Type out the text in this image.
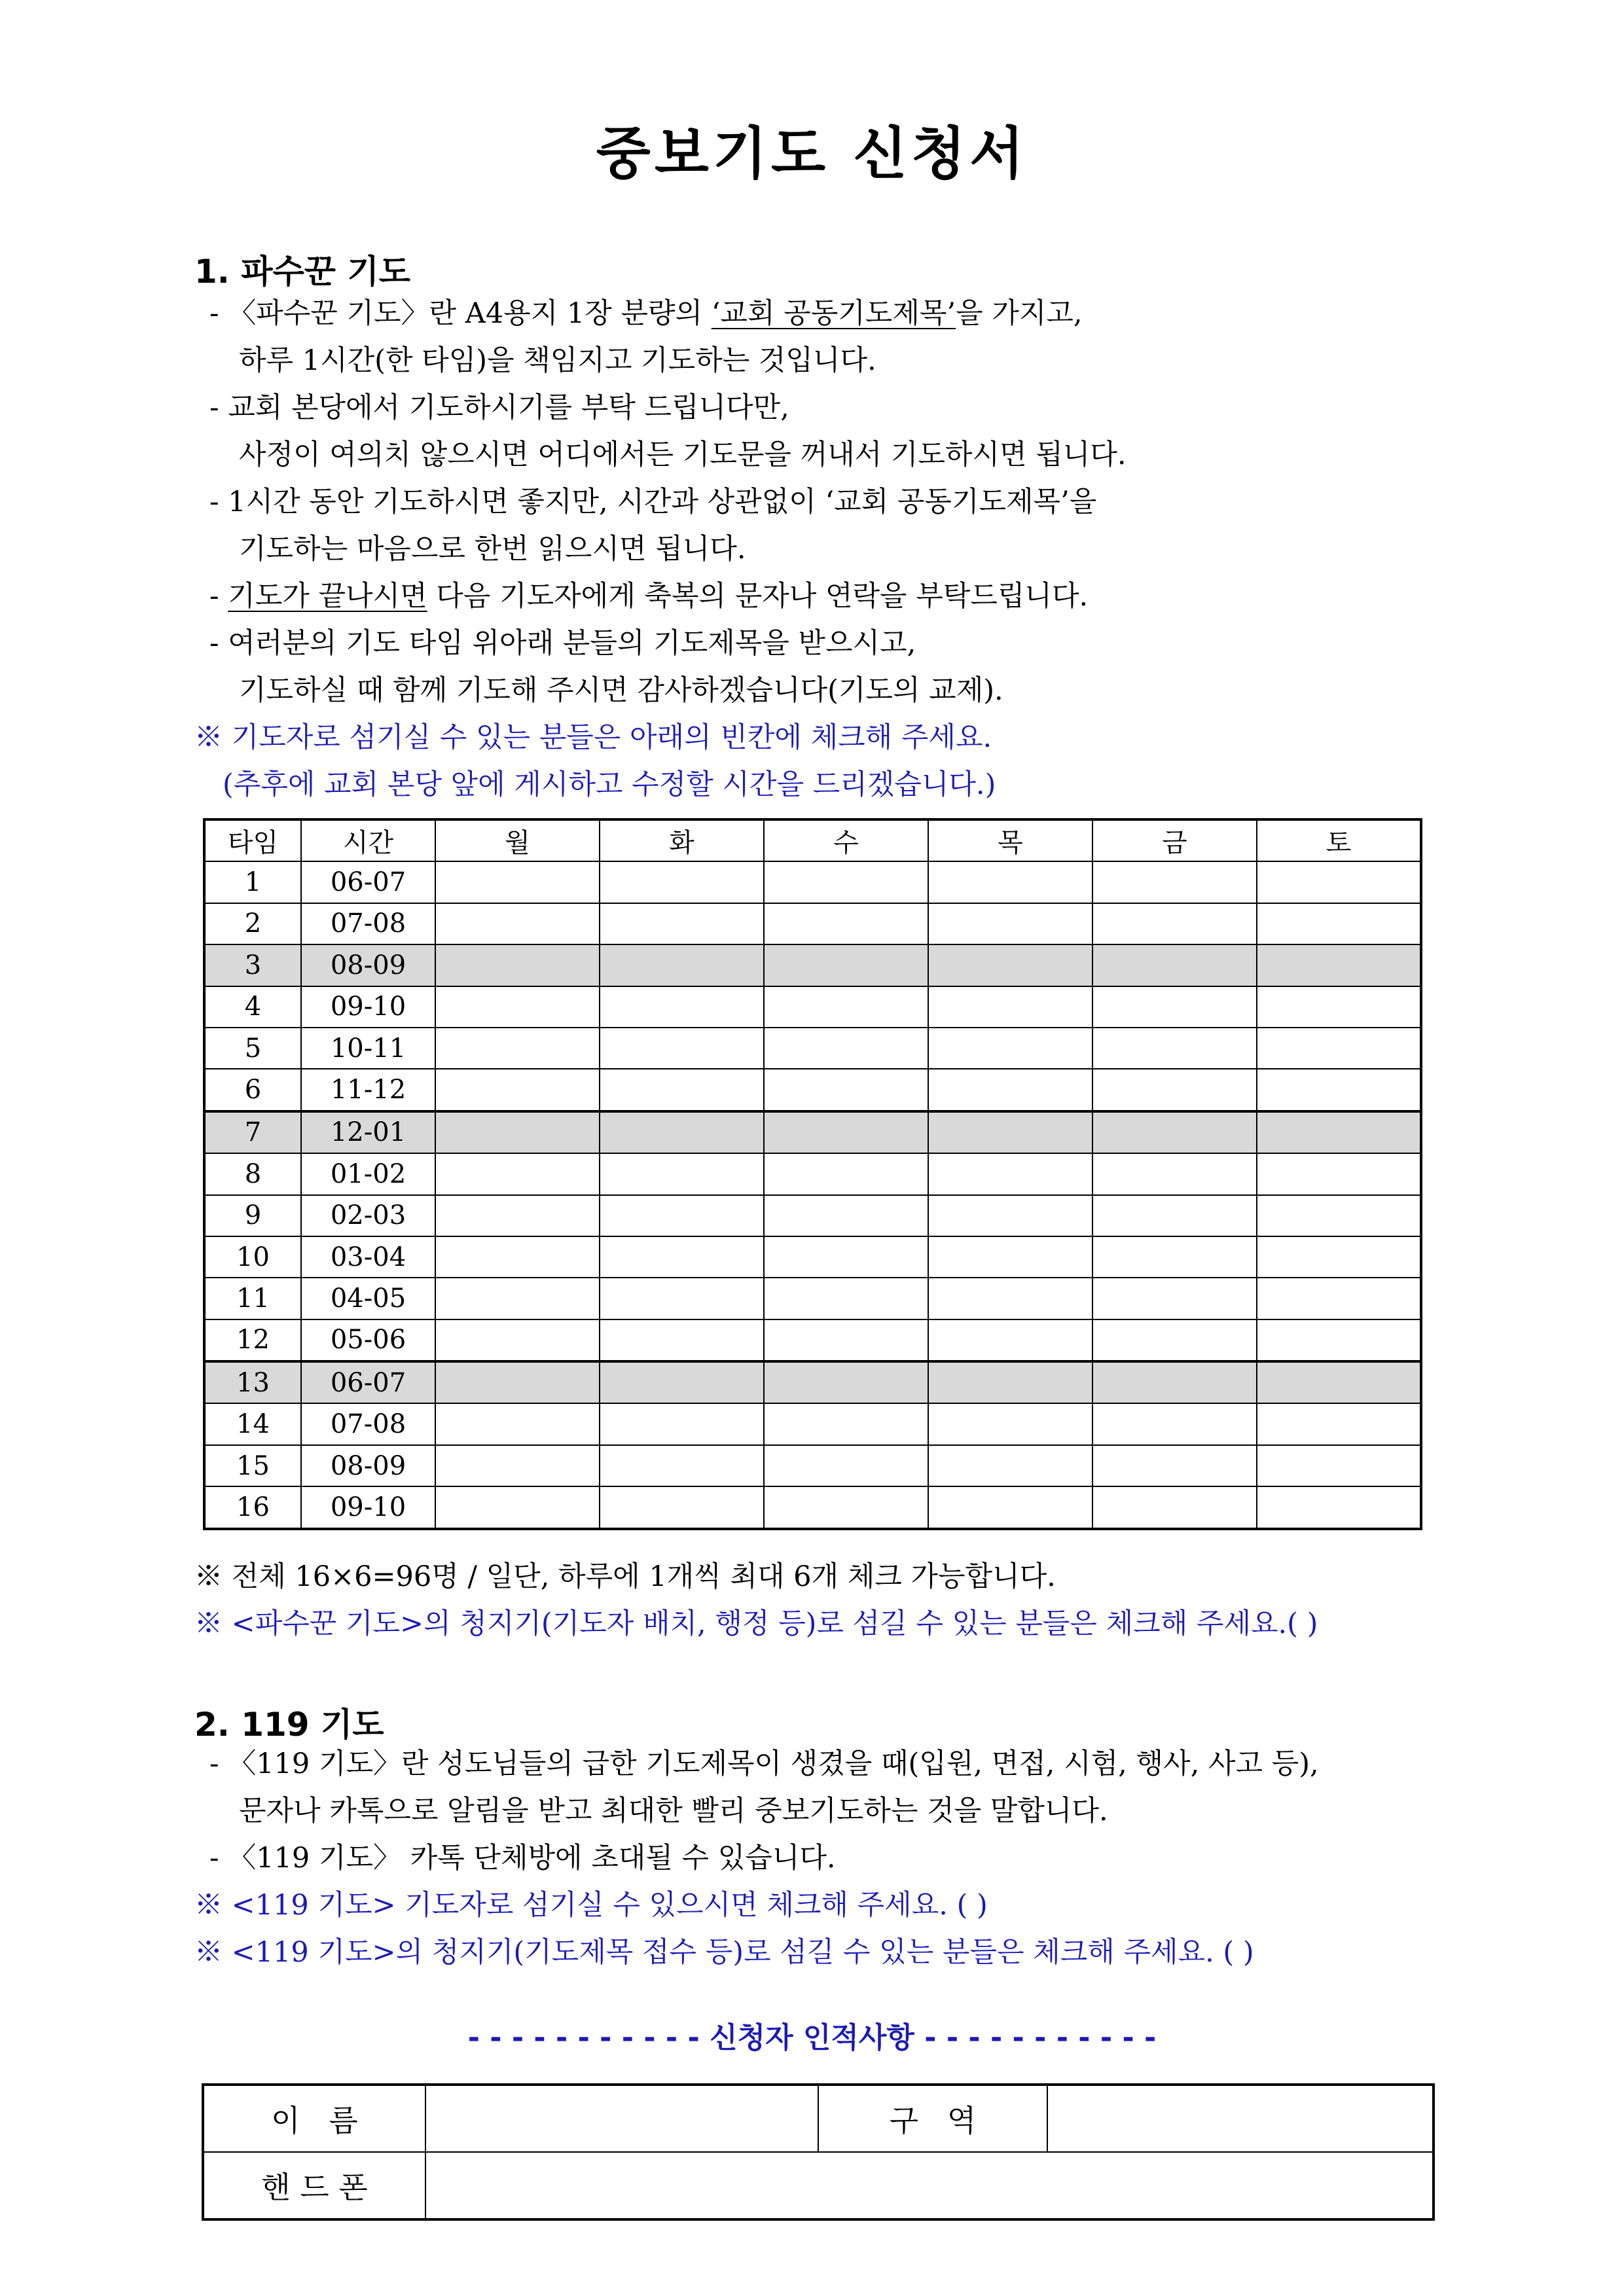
중보기도 신청서
1. 파수꾼 기도
- 〈파수꾼 기도〉란 A4용지 1장 분량의 ‘교회 공동기도제목’을 가지고,
하루 1시간(한 타임)을 책임지고 기도하는 것입니다.
- 교회 본당에서 기도하시기를 부탁 드립니다만,
사정이 여의치 않으시면 어디에서든 기도문을 꺼내서 기도하시면 됩니다.
- 1시간 동안 기도하시면 좋지만, 시간과 상관없이 ‘교회 공동기도제목’을
기도하는 마음으로 한번 읽으시면 됩니다.
- 기도가 끝나시면 다음 기도자에게 축복의 문자나 연락을 부탁드립니다.
- 여러분의 기도 타임 위아래 분들의 기도제목을 받으시고,
기도하실 때 함께 기도해 주시면 감사하겠습니다(기도의 교제).
※ 기도자로 섬기실 수 있는 분들은 아래의 빈칸에 체크해 주세요.
(추후에 교회 본당 앞에 게시하고 수정할 시간을 드리겠습니다.)
타임	시간	월	화	수	목	금	토
1	06-07						
2	07-08						
3	08-09						
4	09-10						
5	10-11						
6	11-12						
7	12-01						
8	01-02						
9	02-03						
10	03-04						
11	04-05						
12	05-06						
13	06-07						
14	07-08						
15	08-09						
16	09-10						
※ 전체 16×6=96명 / 일단, 하루에 1개씩 최대 6개 체크 가능합니다.
※ <파수꾼 기도>의 청지기(기도자 배치, 행정 등)로 섬길 수 있는 분들은 체크해 주세요.( )
2. 119 기도
- 〈119 기도〉란 성도님들의 급한 기도제목이 생겼을 때(입원, 면접, 시험, 행사, 사고 등),
문자나 카톡으로 알림을 받고 최대한 빨리 중보기도하는 것을 말합니다.
- 〈119 기도〉 카톡 단체방에 초대될 수 있습니다.
※ <119 기도> 기도자로 섬기실 수 있으시면 체크해 주세요. ( )
※ <119 기도>의 청지기(기도제목 접수 등)로 섬길 수 있는 분들은 체크해 주세요. ( )
- - - - - - - - - - - 신청자 인적사항 - - - - - - - - - - -
이   름		구   역	
핸 드 폰			
